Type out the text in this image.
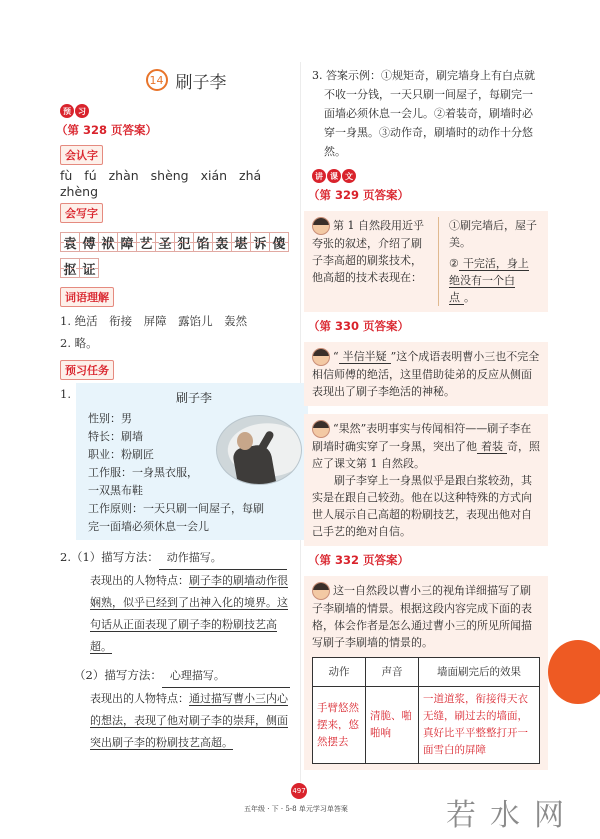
14 刷子李
预 习
（第 328 页答案）
会认字
fù fú zhàn shèng xián zhá
zhèng
会写字
袁 傅 袱 障 艺 圣 犯 馅 轰 堪 诉 傻
抠 证
词语理解
1. 绝活　衔接　屏障　露馅儿　轰然
2. 略。
预习任务
1.	刷子李
性别：男
特长：刷墙
职业：粉刷匠
工作服：一身黑衣服，
一双黑布鞋
工作原则：一天只刷一间屋子，每刷
完一面墙必须休息一会儿
2.（1）描写方法： 动作描写。
表现出的人物特点：刷子李的刷墙动作很娴熟，似乎已经到了出神入化的境界。这句话从正面表现了刷子李的粉刷技艺高超。
（2）描写方法： 心理描写。
表现出的人物特点：通过描写曹小三内心的想法，表现了他对刷子李的崇拜，侧面突出刷子李的粉刷技艺高超。
3. 答案示例：①规矩奇，刷完墙身上有白点就不收一分钱，一天只刷一间屋子，每刷完一面墙必须休息一会儿。②着装奇，刷墙时必穿一身黑。③动作奇，刷墙时的动作十分悠然。
讲 课 文
（第 329 页答案）
第 1 自然段用近乎夸张的叙述，介绍了刷子李高超的刷浆技术，他高超的技术表现在：
①刷完墙后，屋子美。
② 干完活，身上绝没有一个白点 。
（第 330 页答案）
“ 半信半疑 ”这个成语表明曹小三也不完全相信师傅的绝活，这里借助徒弟的反应从侧面表现出了刷子李绝活的神秘。
“果然”表明事实与传闻相符——刷子李在刷墙时确实穿了一身黑，突出了他 着装 奇，照应了课文第 1 自然段。
刷子李穿上一身黑似乎是跟白浆较劲，其实是在跟自己较劲。他在以这种特殊的方式向世人展示自己高超的粉刷技艺，表现出他对自己手艺的绝对自信。
（第 332 页答案）
这一自然段以曹小三的视角详细描写了刷子李刷墙的情景。根据这段内容完成下面的表格，体会作者是怎么通过曹小三的所见所闻描写刷子李刷墙的情景的。
动作	声音	墙面刷完后的效果
手臂悠然摆来，悠然摆去	清脆、啪啪响	一道道浆，衔接得天衣无缝，刷过去的墙面，真好比平平整整打开一面雪白的屏障
497
五年级 · 下 · 5-8 单元学习单答案	若水网
